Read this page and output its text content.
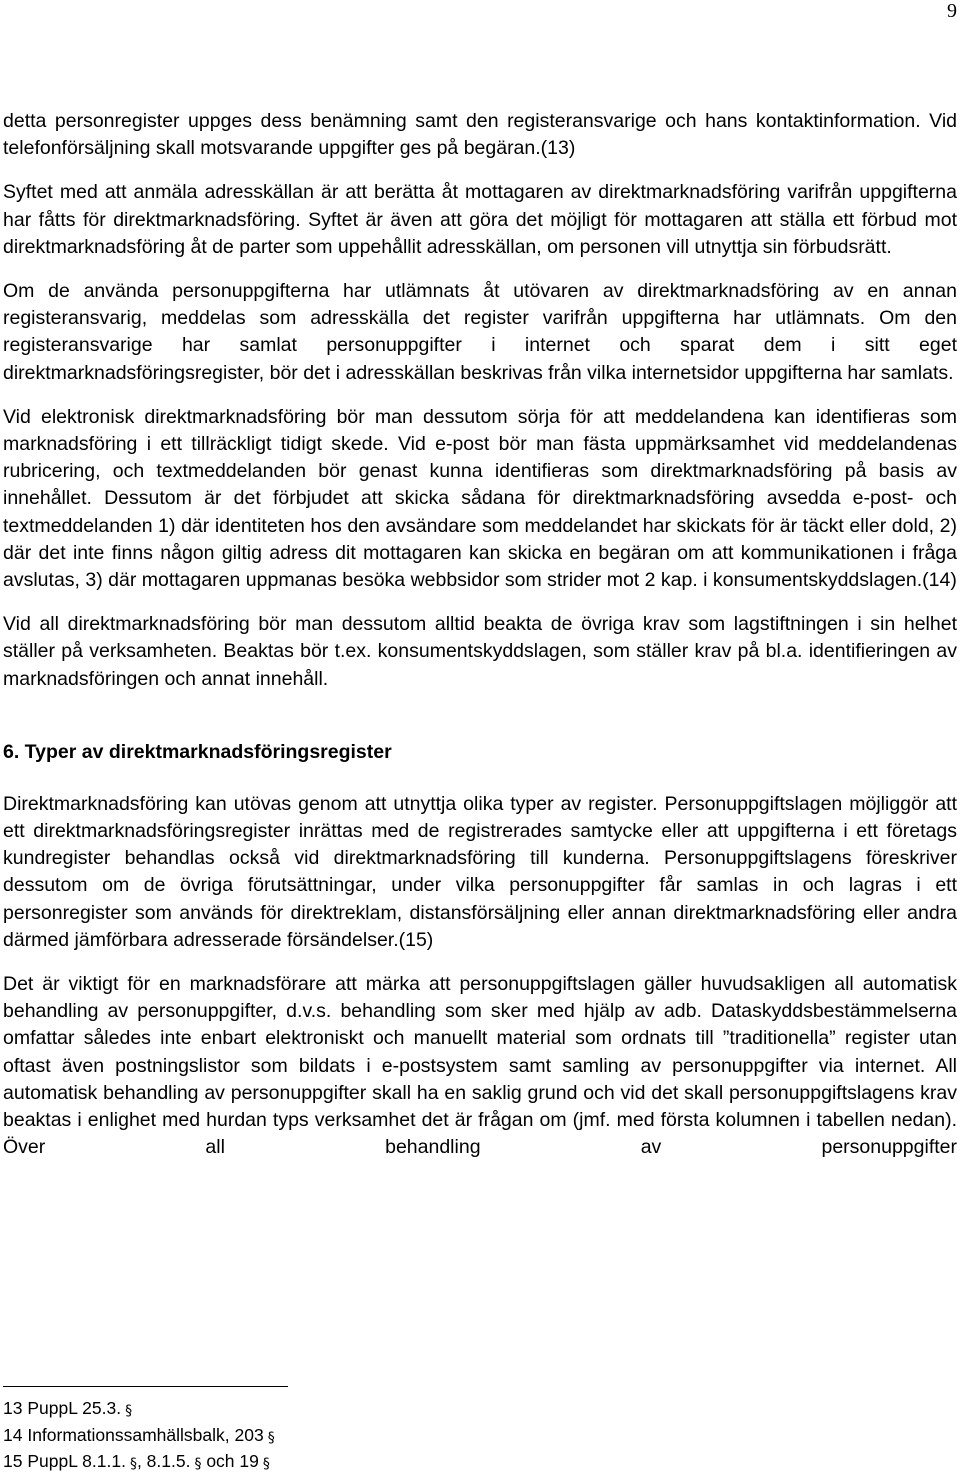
9

detta personregister uppges dess benämning samt den registeransvarige och hans kontaktinformation. Vid telefonförsäljning skall motsvarande uppgifter ges på begäran.(13)

Syftet med att anmäla adresskällan är att berätta åt mottagaren av direktmarknadsföring varifrån uppgifterna har fåtts för direktmarknadsföring. Syftet är även att göra det möjligt för mottagaren att ställa ett förbud mot direktmarknadsföring åt de parter som uppehållit adresskällan, om personen vill utnyttja sin förbudsrätt.

Om de använda personuppgifterna har utlämnats åt utövaren av direktmarknadsföring av en annan registeransvarig, meddelas som adresskälla det register varifrån uppgifterna har utlämnats. Om den registeransvarige har samlat personuppgifter i internet och sparat dem i sitt eget direktmarknadsföringsregister, bör det i adresskällan beskrivas från vilka internetsidor uppgifterna har samlats.

Vid elektronisk direktmarknadsföring bör man dessutom sörja för att meddelandena kan identifieras som marknadsföring i ett tillräckligt tidigt skede. Vid e-post bör man fästa uppmärksamhet vid meddelandenas rubricering, och textmeddelanden bör genast kunna identifieras som direktmarknadsföring på basis av innehållet. Dessutom är det förbjudet att skicka sådana för direktmarknadsföring avsedda e-post- och textmeddelanden 1) där identiteten hos den avsändare som meddelandet har skickats för är täckt eller dold, 2) där det inte finns någon giltig adress dit mottagaren kan skicka en begäran om att kommunikationen i fråga avslutas, 3) där mottagaren uppmanas besöka webbsidor som strider mot 2 kap. i konsumentskyddslagen.(14)

Vid all direktmarknadsföring bör man dessutom alltid beakta de övriga krav som lagstiftningen i sin helhet ställer på verksamheten. Beaktas bör t.ex. konsumentskyddslagen, som ställer krav på bl.a. identifieringen av marknadsföringen och annat innehåll.

6. Typer av direktmarknadsföringsregister

Direktmarknadsföring kan utövas genom att utnyttja olika typer av register. Personuppgiftslagen möjliggör att ett direktmarknadsföringsregister inrättas med de registrerades samtycke eller att uppgifterna i ett företags kundregister behandlas också vid direktmarknadsföring till kunderna. Personuppgiftslagens föreskriver dessutom om de övriga förutsättningar, under vilka personuppgifter får samlas in och lagras i ett personregister som används för direktreklam, distansförsäljning eller annan direktmarknadsföring eller andra därmed jämförbara adresserade försändelser.(15)

Det är viktigt för en marknadsförare att märka att personuppgiftslagen gäller huvudsakligen all automatisk behandling av personuppgifter, d.v.s. behandling som sker med hjälp av adb. Dataskyddsbestämmelserna omfattar således inte enbart elektroniskt och manuellt material som ordnats till ”traditionella” register utan oftast även postningslistor som bildats i e-postsystem samt samling av personuppgifter via internet. All automatisk behandling av personuppgifter skall ha en saklig grund och vid det skall personuppgiftslagens krav beaktas i enlighet med hurdan typs verksamhet det är frågan om (jmf. med första kolumnen i tabellen nedan). Över all behandling av personuppgifter

13 PuppL 25.3. §
14 Informationssamhällsbalk, 203 §
15 PuppL 8.1.1. §, 8.1.5. § och 19 §
